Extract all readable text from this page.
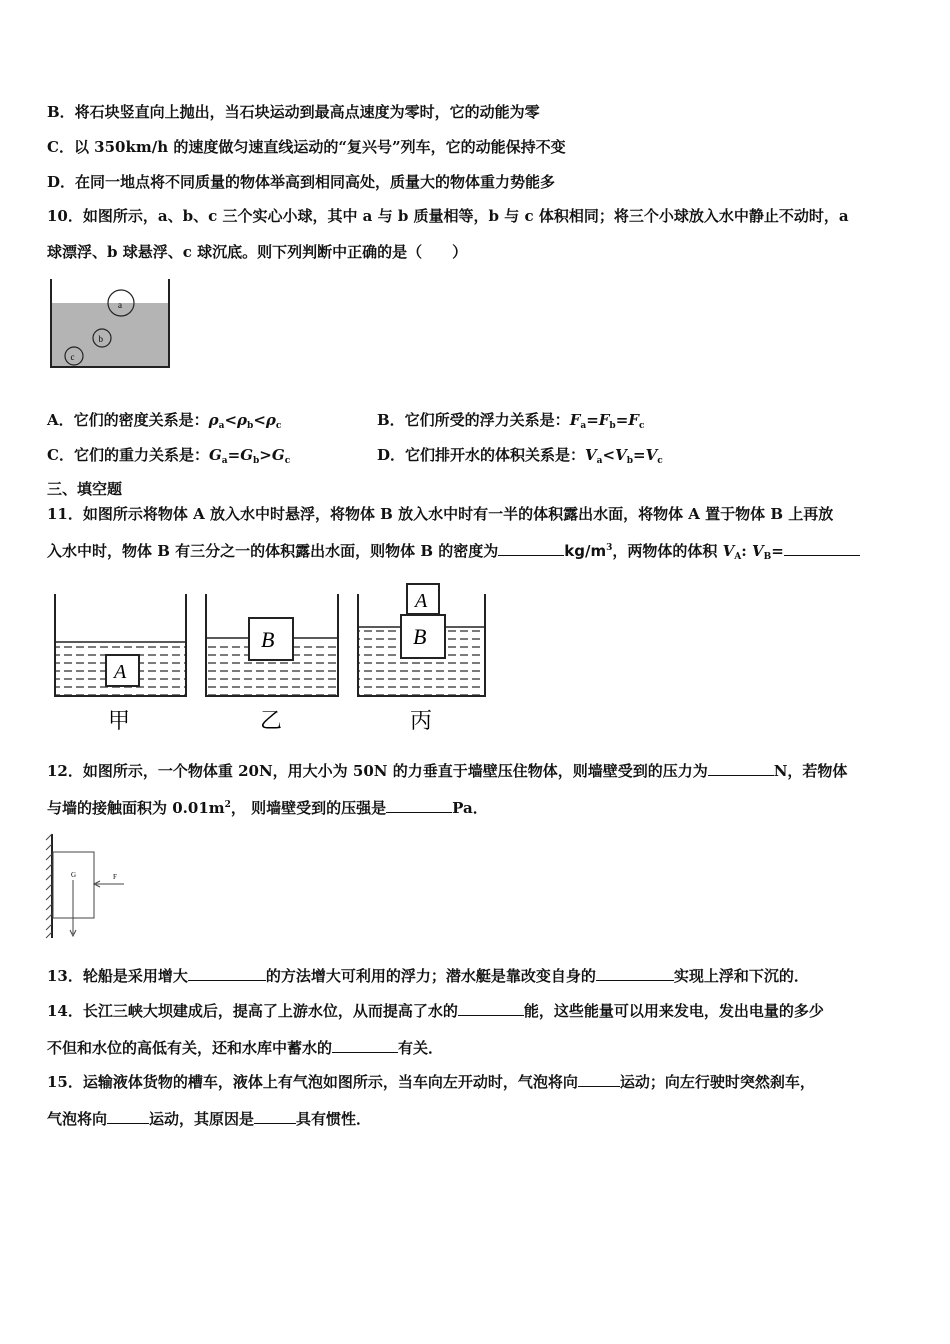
B．将石块竖直向上抛出，当石块运动到最高点速度为零时，它的动能为零
C．以 350km/h 的速度做匀速直线运动的“复兴号”列车，它的动能保持不变
D．在同一地点将不同质量的物体举高到相同高处，质量大的物体重力势能多
10．如图所示，a、b、c 三个实心小球，其中 a 与 b 质量相等，b 与 c 体积相同；将三个小球放入水中静止不动时，a
球漂浮、b 球悬浮、c 球沉底。则下列判断中正确的是（　　）
a
b
c
A．它们的密度关系是：$\rho_a<\rho_b<\rho_c$	B．它们所受的浮力关系是：$F_a=F_b=F_c$
C．它们的重力关系是：$G_a=G_b>G_c$	D．它们排开水的体积关系是：$V_a<V_b=V_c$
三、填空题
11．如图所示将物体 A 放入水中时悬浮，将物体 B 放入水中时有一半的体积露出水面，将物体 A 置于物体 B 上再放
入水中时，物体 B 有三分之一的体积露出水面，则物体 B 的密度为	$kg/m^3$，两物体的体积 $V_A$: $V_B=$
A
B	B
A
甲	乙	丙
12．如图所示，一个物体重 20N，用大小为 50N 的力垂直于墙壁压住物体，则墙壁受到的压力为	N，若物体
与墙的接触面积为 $0.01m^2$， 则墙壁受到的压强是	Pa．
G	F
13．轮船是采用增大	的方法增大可利用的浮力；潜水艇是靠改变自身的	实现上浮和下沉的．
14．长江三峡大坝建成后，提高了上游水位，从而提高了水的	能，这些能量可以用来发电，发出电量的多少
不但和水位的高低有关，还和水库中蓄水的	有关．
15．运输液体货物的槽车，液体上有气泡如图所示，当车向左开动时，气泡将向	运动；向左行驶时突然刹车，
气泡将向	运动，其原因是	具有惯性．
